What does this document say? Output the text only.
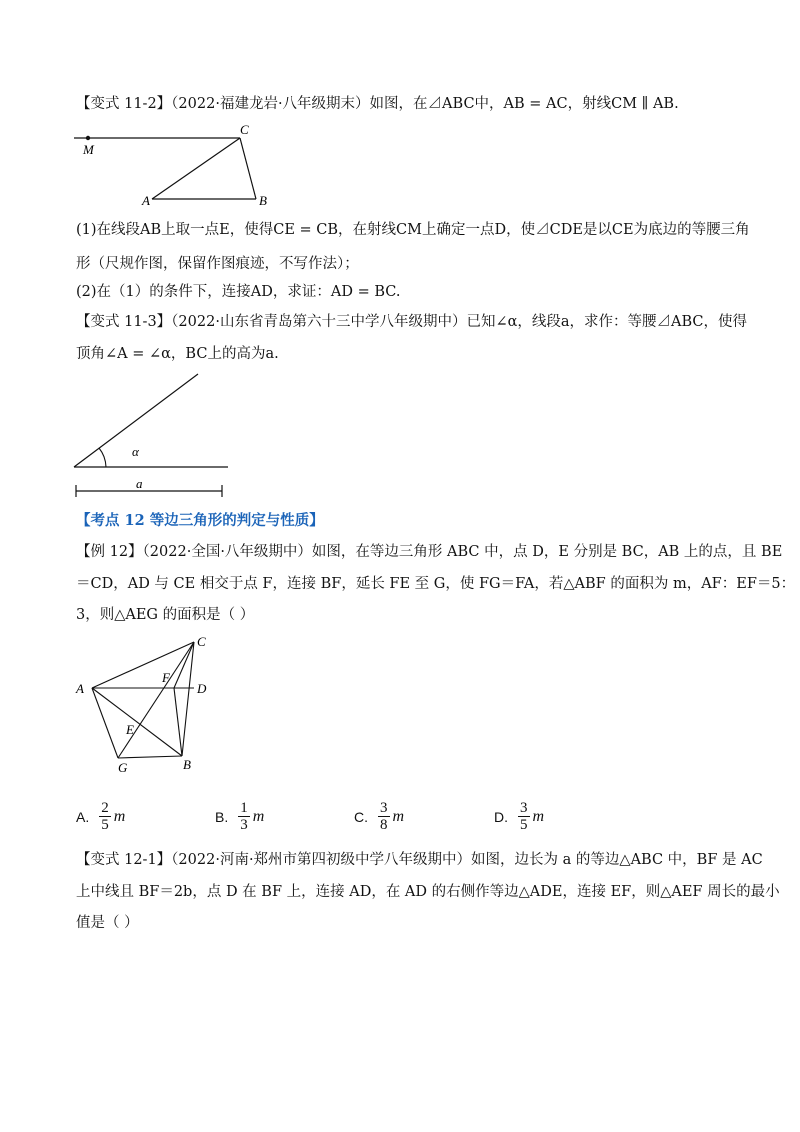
【变式 11-2】（2022·福建龙岩·八年级期末）如图，在⊿ABC中，AB = AC，射线CM ∥ AB.
M
C
A	B
(1)在线段AB上取一点E，使得CE = CB，在射线CM上确定一点D，使⊿CDE是以CE为底边的等腰三角
形（尺规作图，保留作图痕迹，不写作法）；
(2)在（1）的条件下，连接AD，求证：AD = BC.
【变式 11-3】（2022·山东省青岛第六十三中学八年级期中）已知∠α，线段a，求作：等腰⊿ABC，使得
顶角∠A = ∠α，BC上的高为a.
α
a
【考点 12 等边三角形的判定与性质】
【例 12】（2022·全国·八年级期中）如图，在等边三角形 ABC 中，点 D，E 分别是 BC，AB 上的点，且 BE
＝CD，AD 与 CE 相交于点 F，连接 BF，延长 FE 至 G，使 FG＝FA，若△ABF 的面积为 m，AF：EF＝5：
3，则△AEG 的面积是（ ）
A
C
F
D
E
G	B
A. $\frac{2}{5}$ m	B. $\frac{1}{3}$ m	C. $\frac{3}{8}$ m	D. $\frac{3}{5}$ m
【变式 12-1】（2022·河南·郑州市第四初级中学八年级期中）如图，边长为 a 的等边△ABC 中，BF 是 AC
上中线且 BF＝2b，点 D 在 BF 上，连接 AD，在 AD 的右侧作等边△ADE，连接 EF，则△AEF 周长的最小
值是（ ）
